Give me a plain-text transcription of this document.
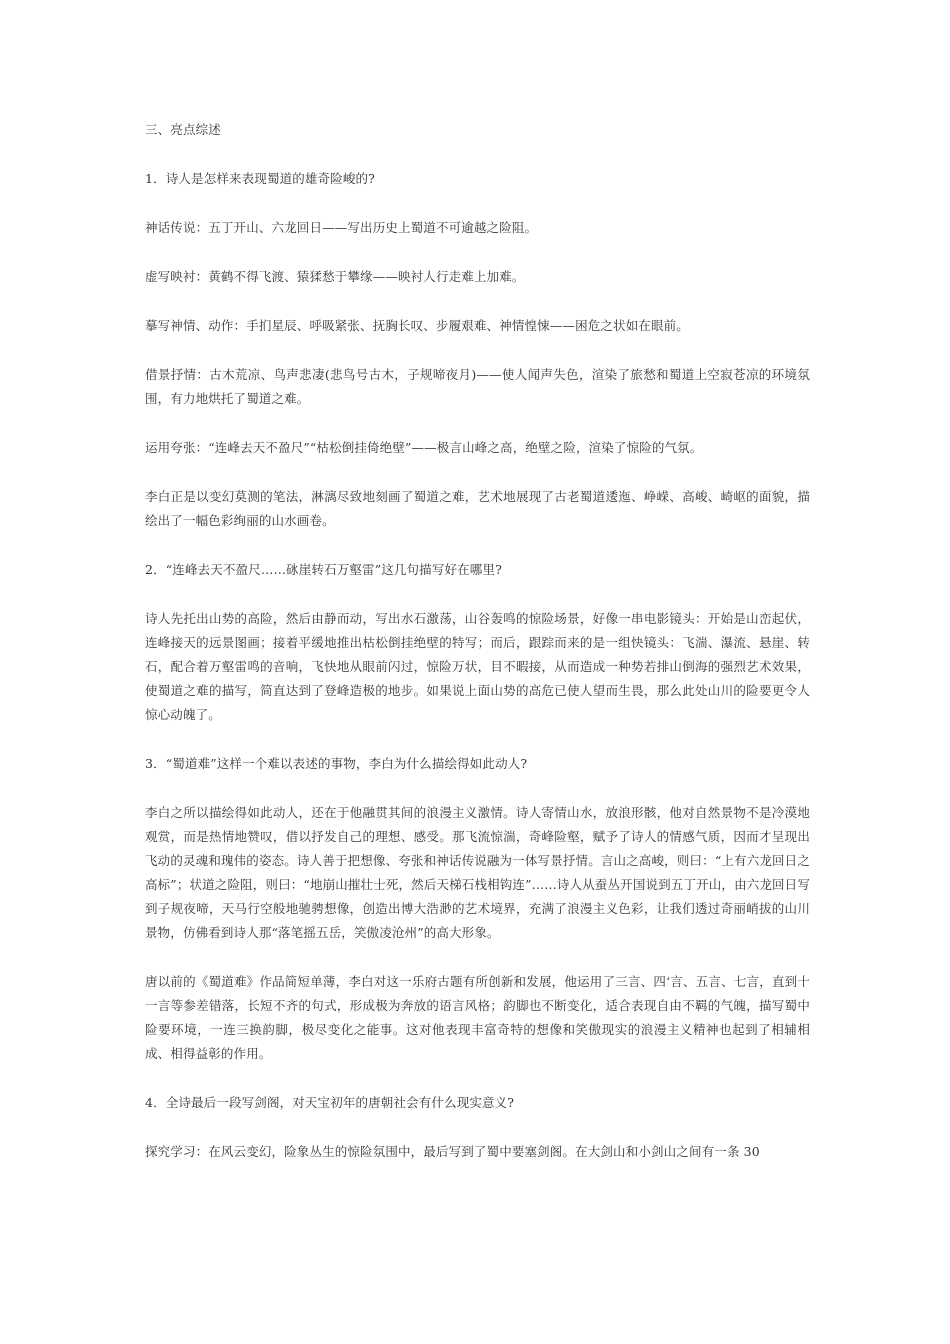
三、亮点综述

1．诗人是怎样来表现蜀道的雄奇险峻的?

神话传说：五丁开山、六龙回日——写出历史上蜀道不可逾越之险阻。

虚写映衬：黄鹤不得飞渡、猿猱愁于攀缘——映衬人行走难上加难。

摹写神情、动作：手扪星辰、呼吸紧张、抚胸长叹、步履艰难、神情惶悚——困危之状如在眼前。

借景抒情：古木荒凉、鸟声悲凄(悲鸟号古木，子规啼夜月)——使人闻声失色，渲染了旅愁和蜀道上空寂苍凉的环境氛围，有力地烘托了蜀道之难。

运用夸张：“连峰去天不盈尺”“枯松倒挂倚绝壁”——极言山峰之高，绝壁之险，渲染了惊险的气氛。

李白正是以变幻莫测的笔法，淋漓尽致地刻画了蜀道之难，艺术地展现了古老蜀道逶迤、峥嵘、高峻、崎岖的面貌，描绘出了一幅色彩绚丽的山水画卷。

2．“连峰去天不盈尺……砯崖转石万壑雷”这几句描写好在哪里?

诗人先托出山势的高险，然后由静而动，写出水石激荡，山谷轰鸣的惊险场景，好像一串电影镜头：开始是山峦起伏，连峰接天的远景图画；接着平缓地推出枯松倒挂绝壁的特写；而后，跟踪而来的是一组快镜头：飞湍、瀑流、悬崖、转石，配合着万壑雷鸣的音响，飞快地从眼前闪过，惊险万状，目不暇接，从而造成一种势若排山倒海的强烈艺术效果，使蜀道之难的描写，简直达到了登峰造极的地步。如果说上面山势的高危已使人望而生畏，那么此处山川的险要更令人惊心动魄了。

3．“蜀道难”这样一个难以表述的事物，李白为什么描绘得如此动人?

李白之所以描绘得如此动人，还在于他融贯其间的浪漫主义激情。诗人寄情山水，放浪形骸，他对自然景物不是冷漠地观赏，而是热情地赞叹，借以抒发自己的理想、感受。那飞流惊湍，奇峰险壑，赋予了诗人的情感气质，因而才呈现出飞动的灵魂和瑰伟的姿态。诗人善于把想像、夸张和神话传说融为一体写景抒情。言山之高峻，则曰：“上有六龙回日之高标”；状道之险阻，则曰：“地崩山摧壮士死，然后天梯石栈相钩连”……诗人从蚕丛开国说到五丁开山，由六龙回日写到子规夜啼，天马行空般地驰骋想像，创造出博大浩渺的艺术境界，充满了浪漫主义色彩，让我们透过奇丽峭拔的山川景物，仿佛看到诗人那“落笔摇五岳，笑傲凌沧州”的高大形象。

唐以前的《蜀道难》作品简短单薄，李白对这一乐府古题有所创新和发展，他运用了三言、四‘言、五言、七言，直到十一言等参差错落，长短不齐的句式，形成极为奔放的语言风格；韵脚也不断变化，适合表现自由不羁的气魄，描写蜀中险要环境，一连三换韵脚，极尽变化之能事。这对他表现丰富奇特的想像和笑傲现实的浪漫主义精神也起到了相辅相成、相得益彰的作用。

4．全诗最后一段写剑阁，对天宝初年的唐朝社会有什么现实意义?

探究学习：在风云变幻，险象丛生的惊险氛围中，最后写到了蜀中要塞剑阁。在大剑山和小剑山之间有一条 30
